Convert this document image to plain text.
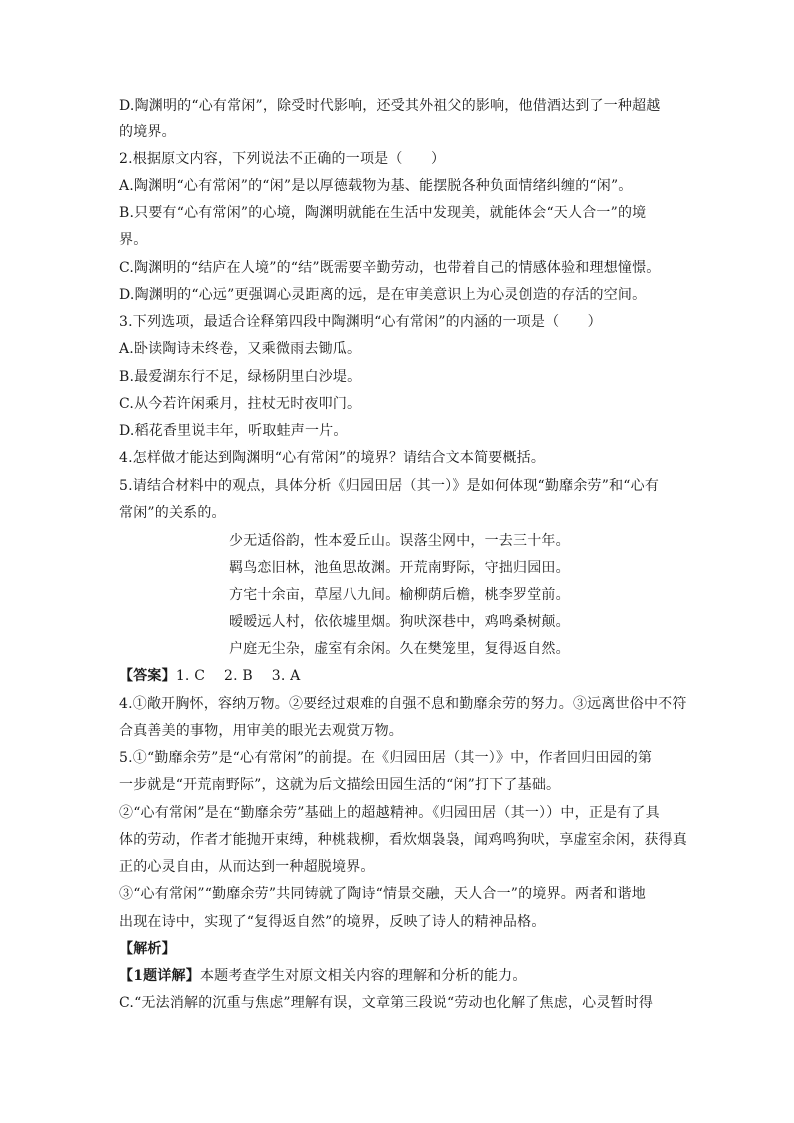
D.陶渊明的“心有常闲”，除受时代影响，还受其外祖父的影响，他借酒达到了一种超越
的境界。
2.根据原文内容，下列说法不正确的一项是（　　）
A.陶渊明“心有常闲”的“闲”是以厚德载物为基、能摆脱各种负面情绪纠缠的“闲”。
B.只要有“心有常闲”的心境，陶渊明就能在生活中发现美，就能体会“天人合一”的境
界。
C.陶渊明的“结庐在人境”的“结”既需要辛勤劳动，也带着自己的情感体验和理想憧憬。
D.陶渊明的“心远”更强调心灵距离的远，是在审美意识上为心灵创造的存活的空间。
3.下列选项，最适合诠释第四段中陶渊明“心有常闲”的内涵的一项是（　　）
A.卧读陶诗未终卷，又乘微雨去锄瓜。
B.最爱湖东行不足，绿杨阴里白沙堤。
C.从今若许闲乘月，拄杖无时夜叩门。
D.稻花香里说丰年，听取蛙声一片。
4.怎样做才能达到陶渊明“心有常闲”的境界？请结合文本简要概括。
5.请结合材料中的观点，具体分析《归园田居（其一）》是如何体现“勤靡余劳”和“心有
常闲”的关系的。
少无适俗韵，性本爱丘山。误落尘网中，一去三十年。
羁鸟恋旧林，池鱼思故渊。开荒南野际，守拙归园田。
方宅十余亩，草屋八九间。榆柳荫后檐，桃李罗堂前。
暧暧远人村，依依墟里烟。狗吠深巷中，鸡鸣桑树颠。
户庭无尘杂，虚室有余闲。久在樊笼里，复得返自然。
【答案】1. C　 2. B　 3. A
4.①敞开胸怀，容纳万物。②要经过艰难的自强不息和勤靡余劳的努力。③远离世俗中不符
合真善美的事物，用审美的眼光去观赏万物。
5.①“勤靡余劳”是“心有常闲”的前提。在《归园田居（其一）》中，作者回归田园的第
一步就是“开荒南野际”，这就为后文描绘田园生活的“闲”打下了基础。
②“心有常闲”是在“勤靡余劳”基础上的超越精神。《归园田居（其一））中，正是有了具
体的劳动，作者才能抛开束缚，种桃栽柳，看炊烟袅袅，闻鸡鸣狗吠，享虚室余闲，获得真
正的心灵自由，从而达到一种超脱境界。
③“心有常闲”“勤靡余劳”共同铸就了陶诗“情景交融，天人合一”的境界。两者和谐地
出现在诗中，实现了“复得返自然”的境界，反映了诗人的精神品格。
【解析】
【1题详解】本题考查学生对原文相关内容的理解和分析的能力。
C.“无法消解的沉重与焦虑”理解有误，文章第三段说“劳动也化解了焦虑，心灵暂时得
